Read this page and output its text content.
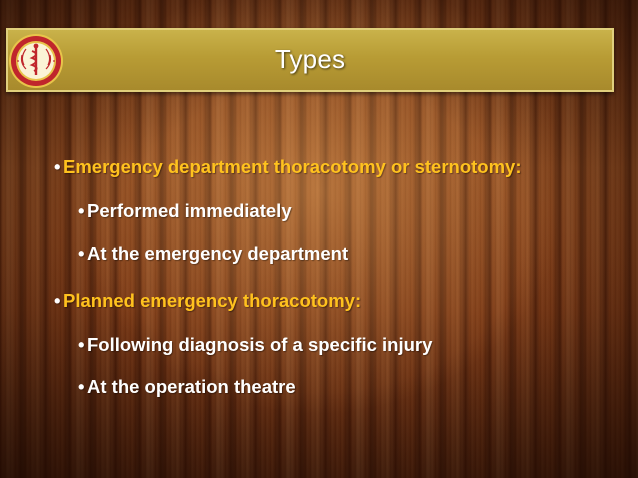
Types
• Emergency department thoracotomy or sternotomy:
• Performed immediately
• At the emergency department
• Planned emergency thoracotomy:
• Following diagnosis of a specific injury
• At the operation theatre
